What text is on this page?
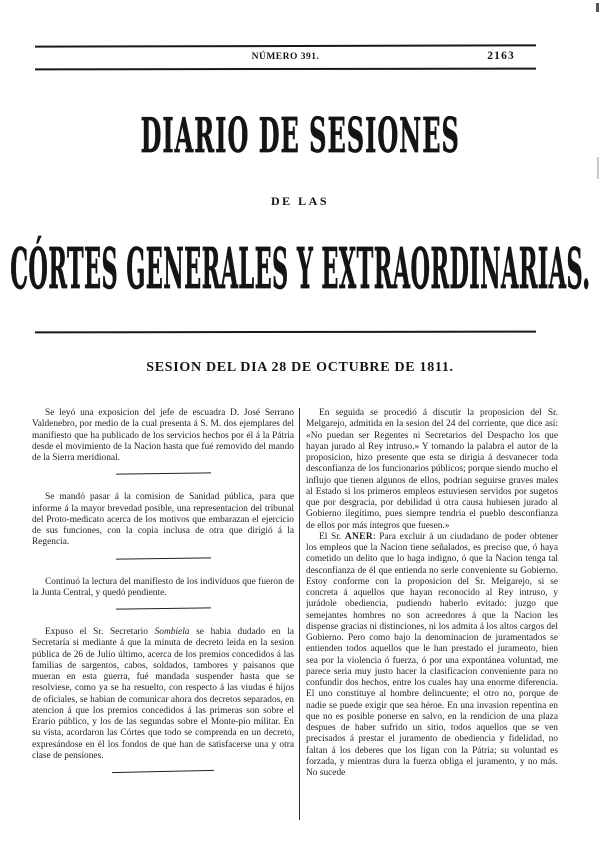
NÚMERO 391.	2163
DIARIO DE SESIONES
DE LAS
CÓRTES GENERALES Y EXTRAORDINARIAS.
SESION DEL DIA 28 DE OCTUBRE DE 1811.

Se leyó una exposicion del jefe de escuadra D. José Serrano Valdenebro, por medio de la cual presenta á S. M. dos ejemplares del manifiesto que ha publicado de los servicios hechos por él á la Pátria desde el movimiento de la Nacion hasta que fué removido del mando de la Sierra meridional.

Se mandó pasar á la comision de Sanidad pública, para que informe á la mayor brevedad posible, una representacion del tribunal del Proto-medicato acerca de los motivos que embarazan el ejercicio de sus funciones, con la copia inclusa de otra que dirigió á la Regencia.

Continuó la lectura del manifiesto de los indivíduos que fueron de la Junta Central, y quedó pendiente.

Expuso el Sr. Secretario Sombiela se habia dudado en la Secretaría si mediante á que la minuta de decreto leida en la sesion pública de 26 de Julio último, acerca de los premios concedidos á las familias de sargentos, cabos, soldados, tambores y paisanos que mueran en esta guerra, fué mandada suspender hasta que se resolviese, como ya se ha resuelto, con respecto á las viudas é hijos de oficiales, se habian de comunicar ahora dos decretos separados, en atencion á que los premios concedidos á las primeras son sobre el Erario público, y los de las segundas sobre el Monte-pío militar. En su vista, acordaron las Córtes que todo se comprenda en un decreto, expresándose en él los fondos de que han de satisfacerse una y otra clase de pensiones.

En seguida se procedió á discutir la proposicion del Sr. Melgarejo, admitida en la sesion del 24 del corriente, que dice así: «No puedan ser Regentes ni Secretarios del Despacho los que hayan jurado al Rey intruso.» Y tomando la palabra el autor de la proposicion, hizo presente que esta se dirigia á desvanecer toda desconfianza de los funcionarios públicos; porque siendo mucho el influjo que tienen algunos de ellos, podrian seguirse graves males al Estado si los primeros empleos estuviesen servidos por sugetos que por desgracia, por debilidad ú otra causa hubiesen jurado al Gobierno ilegítimo, pues siempre tendria el pueblo desconfianza de ellos por más íntegros que fuesen.»

El Sr. ANER: Para excluir á un ciudadano de poder obtener los empleos que la Nacion tiene señalados, es preciso que, ó haya cometido un delito que lo haga indigno, ó que la Nacion tenga tal desconfianza de él que entienda no serle conveniente su Gobierno. Estoy conforme con la proposicion del Sr. Melgarejo, si se concreta á aquellos que hayan reconocido al Rey intruso, y jurádole obediencia, pudiendo haberlo evitado: juzgo que semejantes hombres no son acreedores á que la Nacion les dispense gracias ni distinciones, ni los admita á los altos cargos del Gobierno. Pero como bajo la denominacion de juramentados se entienden todos aquellos que le han prestado el juramento, bien sea por la violencia ó fuerza, ó por una expontánea voluntad, me parece seria muy justo hacer la clasificacion conveniente para no confundir dos hechos, entre los cuales hay una enorme diferencia. El uno constituye al hombre delincuente; el otro no, porque de nadie se puede exigir que sea héroe. En una invasion repentina en que no es posible ponerse en salvo, en la rendicion de una plaza despues de haber sufrido un sitio, todos aquellos que se ven precisados á prestar el juramento de obediencia y fidelidad, no faltan á los deberes que los ligan con la Pátria; su voluntad es forzada, y mientras dura la fuerza obliga el juramento, y no más. No sucede
